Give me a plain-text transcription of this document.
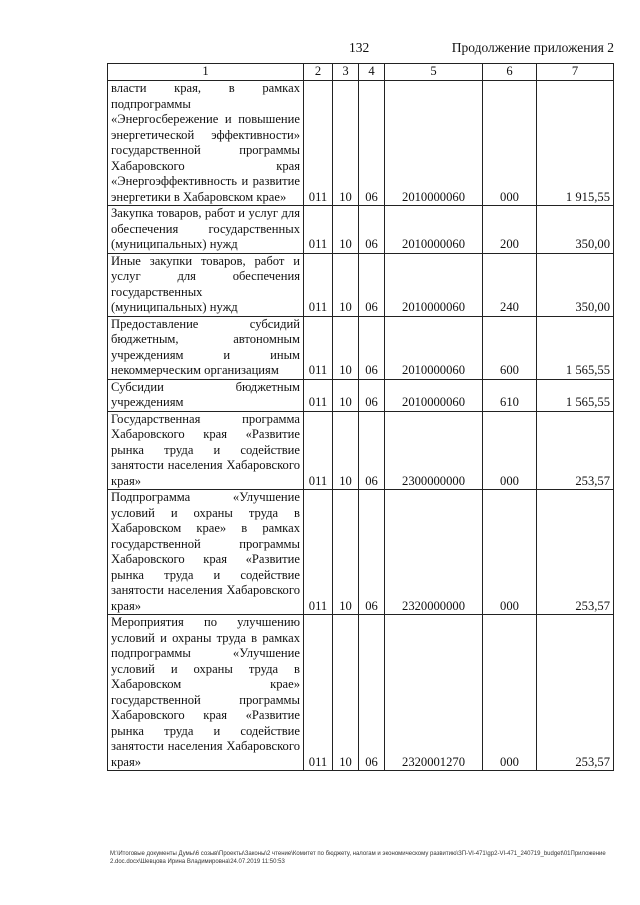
132	Продолжение приложения 2
1	2	3	4	5	6	7
власти края, в рамках подпрограммы «Энергосбережение и повышение энергетической эффективности» государственной программы Хабаровского края «Энергоэффективность и развитие энергетики в Хабаровском крае»	011	10	06	2010000060	000	1 915,55
Закупка товаров, работ и услуг для обеспечения государственных (муниципальных) нужд	011	10	06	2010000060	200	350,00
Иные закупки товаров, работ и услуг для обеспечения государственных (муниципальных) нужд	011	10	06	2010000060	240	350,00
Предоставление субсидий бюджетным, автономным учреждениям и иным некоммерческим организациям	011	10	06	2010000060	600	1 565,55
Субсидии бюджетным учреждениям	011	10	06	2010000060	610	1 565,55
Государственная программа Хабаровского края «Развитие рынка труда и содействие занятости населения Хабаровского края»	011	10	06	2300000000	000	253,57
Подпрограмма «Улучшение условий и охраны труда в Хабаровском крае» в рамках государственной программы Хабаровского края «Развитие рынка труда и содействие занятости населения Хабаровского края»	011	10	06	2320000000	000	253,57
Мероприятия по улучшению условий и охраны труда в рамках подпрограммы «Улучшение условий и охраны труда в Хабаровском крае» государственной программы Хабаровского края «Развитие рынка труда и содействие занятости населения Хабаровского края»	011	10	06	2320001270	000	253,57
M:\Итоговые документы Думы\6 созыв\Проекты\Законы\2 чтение\Комитет по бюджету, налогам и экономическому развитию\ЗП-VI-471\gp2-VI-471_240719_budget\01Приложение 2.doc.docx\Шевцова Ирина Владимировна\24.07.2019 11:50:53
